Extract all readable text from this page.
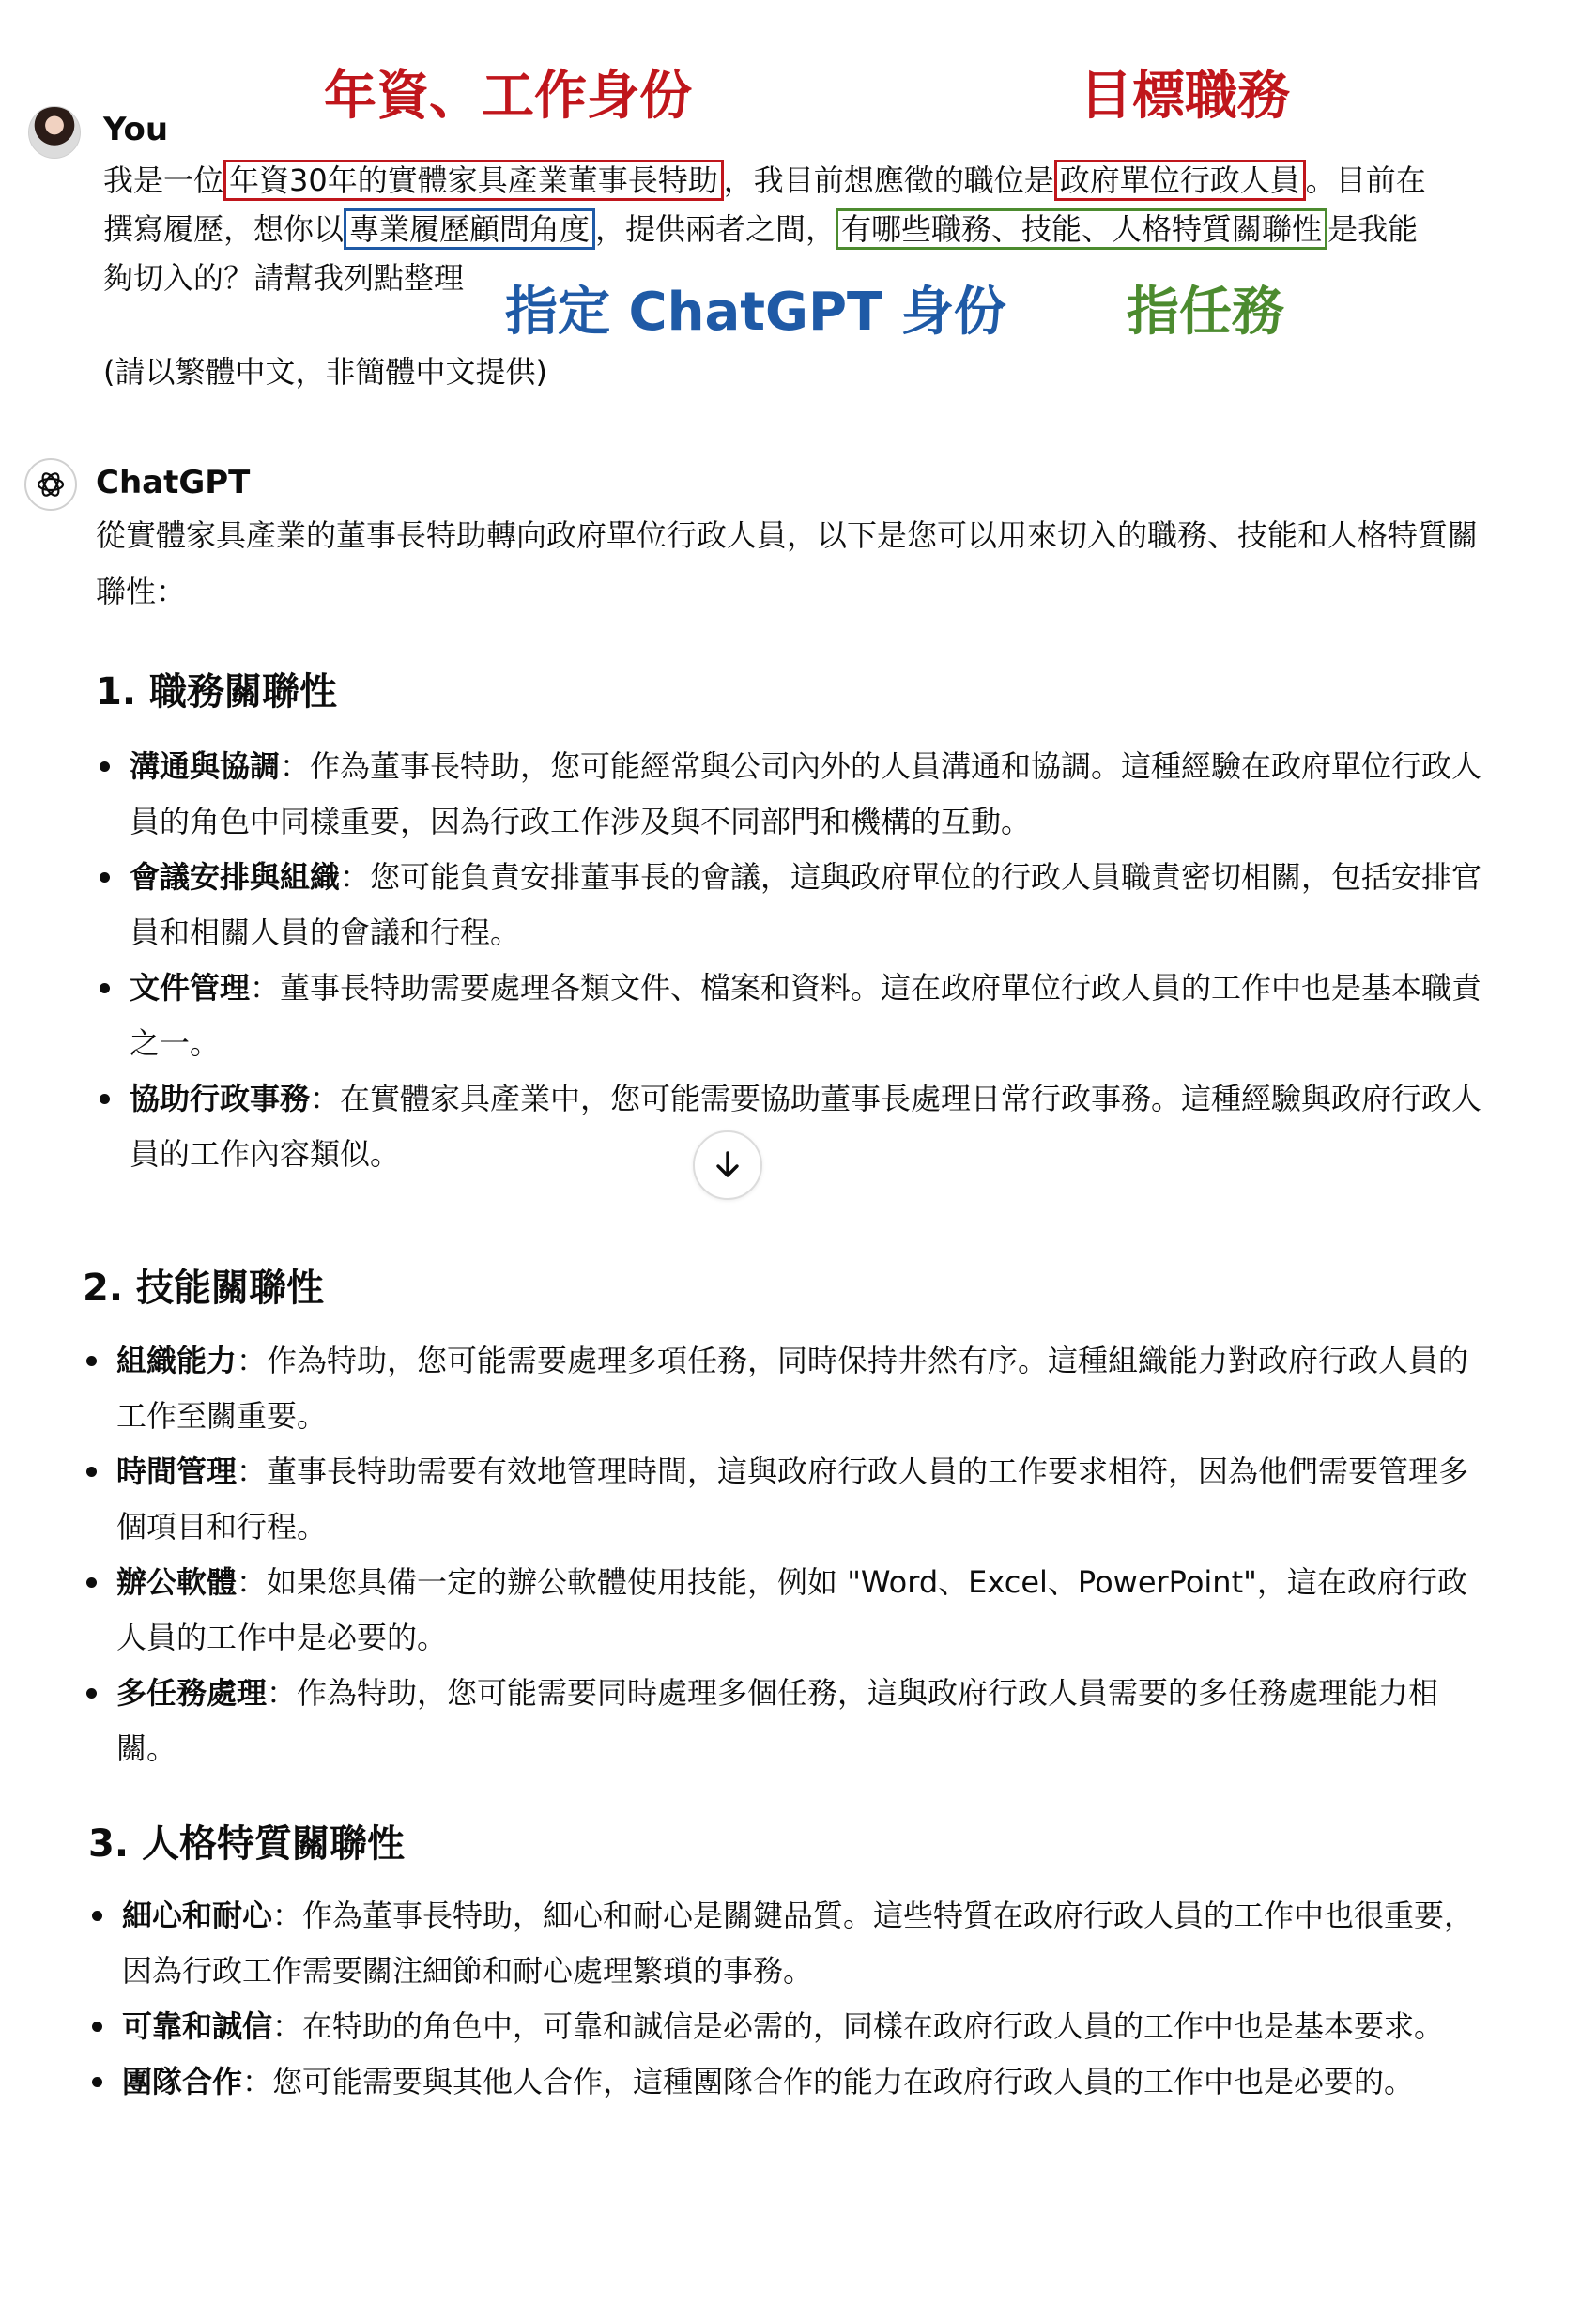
年資、工作身份	目標職務
指定 ChatGPT 身份 指任務
You
我是一位 年資30年的實體家具產業董事長特助 ，我目前想應徵的職位是 政府單位行政人員 。目前在
撰寫履歷，想你以 專業履歷顧問角度 ，提供兩者之間， 有哪些職務、技能、人格特質關聯性 是我能
夠切入的？請幫我列點整理
(請以繁體中文，非簡體中文提供)
ChatGPT
從實體家具產業的董事長特助轉向政府單位行政人員，以下是您可以用來切入的職務、技能和人格特質關聯性：
1. 職務關聯性
溝通與協調：作為董事長特助，您可能經常與公司內外的人員溝通和協調。這種經驗在政府單位行政人員的角色中同樣重要，因為行政工作涉及與不同部門和機構的互動。
會議安排與組織：您可能負責安排董事長的會議，這與政府單位的行政人員職責密切相關，包括安排官員和相關人員的會議和行程。
文件管理：董事長特助需要處理各類文件、檔案和資料。這在政府單位行政人員的工作中也是基本職責之一。
協助行政事務：在實體家具產業中，您可能需要協助董事長處理日常行政事務。這種經驗與政府行政人員的工作內容類似。
2. 技能關聯性
組織能力：作為特助，您可能需要處理多項任務，同時保持井然有序。這種組織能力對政府行政人員的工作至關重要。
時間管理：董事長特助需要有效地管理時間，這與政府行政人員的工作要求相符，因為他們需要管理多個項目和行程。
辦公軟體：如果您具備一定的辦公軟體使用技能，例如 "Word、Excel、PowerPoint"，這在政府行政人員的工作中是必要的。
多任務處理：作為特助，您可能需要同時處理多個任務，這與政府行政人員需要的多任務處理能力相關。
3. 人格特質關聯性
細心和耐心：作為董事長特助，細心和耐心是關鍵品質。這些特質在政府行政人員的工作中也很重要，因為行政工作需要關注細節和耐心處理繁瑣的事務。
可靠和誠信：在特助的角色中，可靠和誠信是必需的，同樣在政府行政人員的工作中也是基本要求。
團隊合作：您可能需要與其他人合作，這種團隊合作的能力在政府行政人員的工作中也是必要的。
